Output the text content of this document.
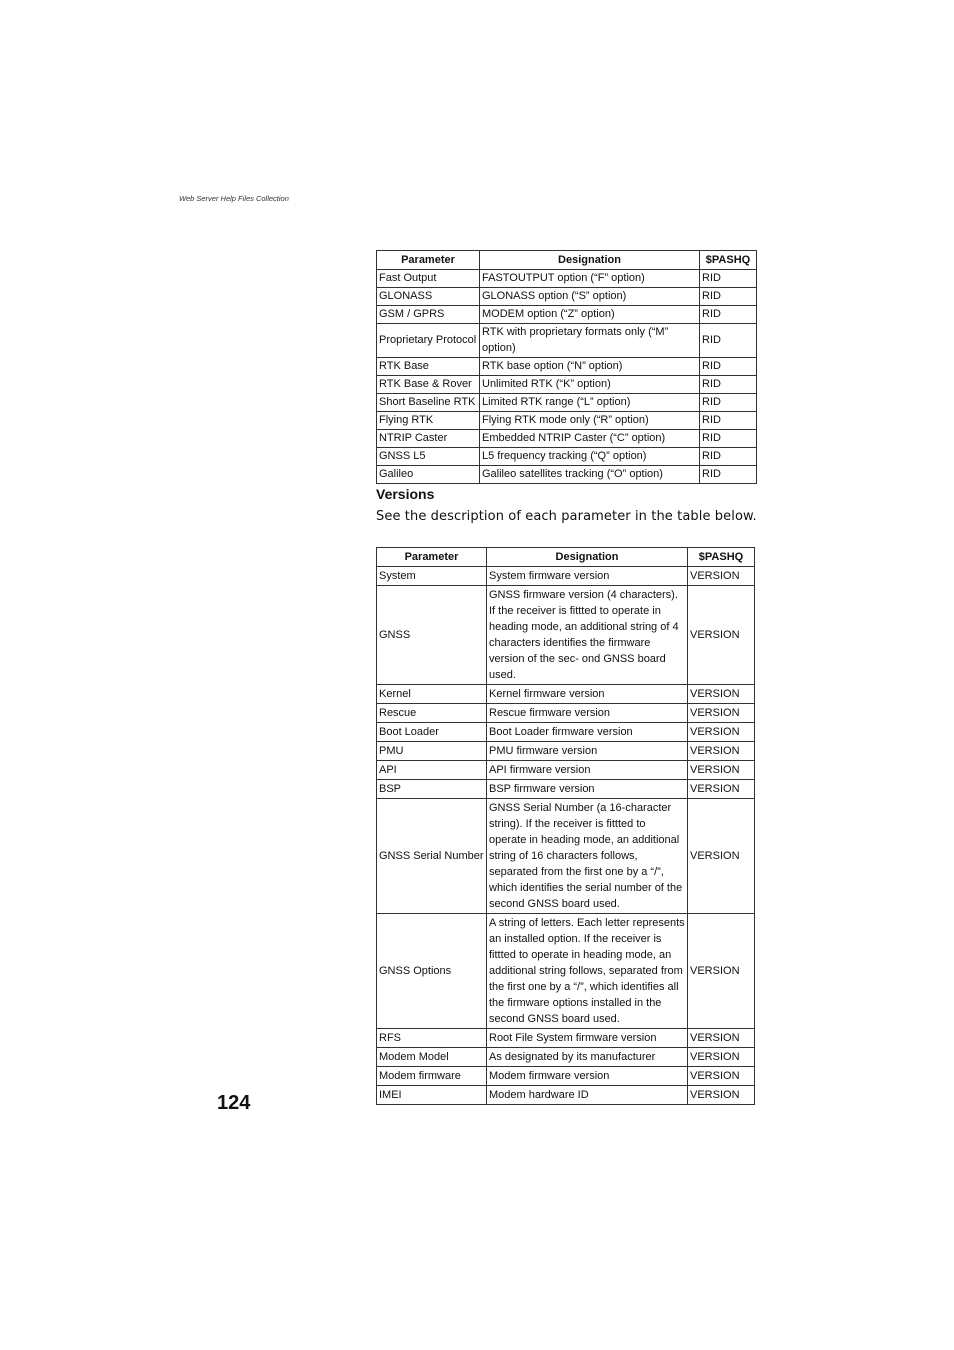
Web Server Help Files Collection
Parameter	Designation	$PASHQ
Fast Output	FASTOUTPUT option (“F” option)	RID
GLONASS	GLONASS option (“S” option)	RID
GSM / GPRS	MODEM option (“Z” option)	RID
Proprietary Protocol	RTK with proprietary formats only (“M” option)	RID
RTK Base	RTK base option (“N” option)	RID
RTK Base & Rover	Unlimited RTK (“K” option)	RID
Short Baseline RTK	Limited RTK range (“L” option)	RID
Flying RTK	Flying RTK mode only (“R” option)	RID
NTRIP Caster	Embedded NTRIP Caster (“C” option)	RID
GNSS L5	L5 frequency tracking (“Q” option)	RID
Galileo	Galileo satellites tracking (“O” option)	RID
Versions
See the description of each parameter in the table below.
Parameter	Designation	$PASHQ
System	System firmware version	VERSION
GNSS	GNSS firmware version (4 characters). If the receiver is fittted to operate in heading mode, an additional string of 4 characters identifies the firmware version of the sec- ond GNSS board used.	VERSION
Kernel	Kernel firmware version	VERSION
Rescue	Rescue firmware version	VERSION
Boot Loader	Boot Loader firmware version	VERSION
PMU	PMU firmware version	VERSION
API	API firmware version	VERSION
BSP	BSP firmware version	VERSION
GNSS Serial Number	GNSS Serial Number (a 16-character string). If the receiver is fittted to operate in heading mode, an additional string of 16 characters follows, separated from the first one by a “/”, which identifies the serial number of the second GNSS board used.	VERSION
GNSS Options	A string of letters. Each letter represents an installed option. If the receiver is fittted to operate in heading mode, an additional string follows, separated from the first one by a “/”, which identifies all the firmware options installed in the second GNSS board used.	VERSION
RFS	Root File System firmware version	VERSION
Modem Model	As designated by its manufacturer	VERSION
Modem firmware	Modem firmware version	VERSION
IMEI	Modem hardware ID	VERSION
124
